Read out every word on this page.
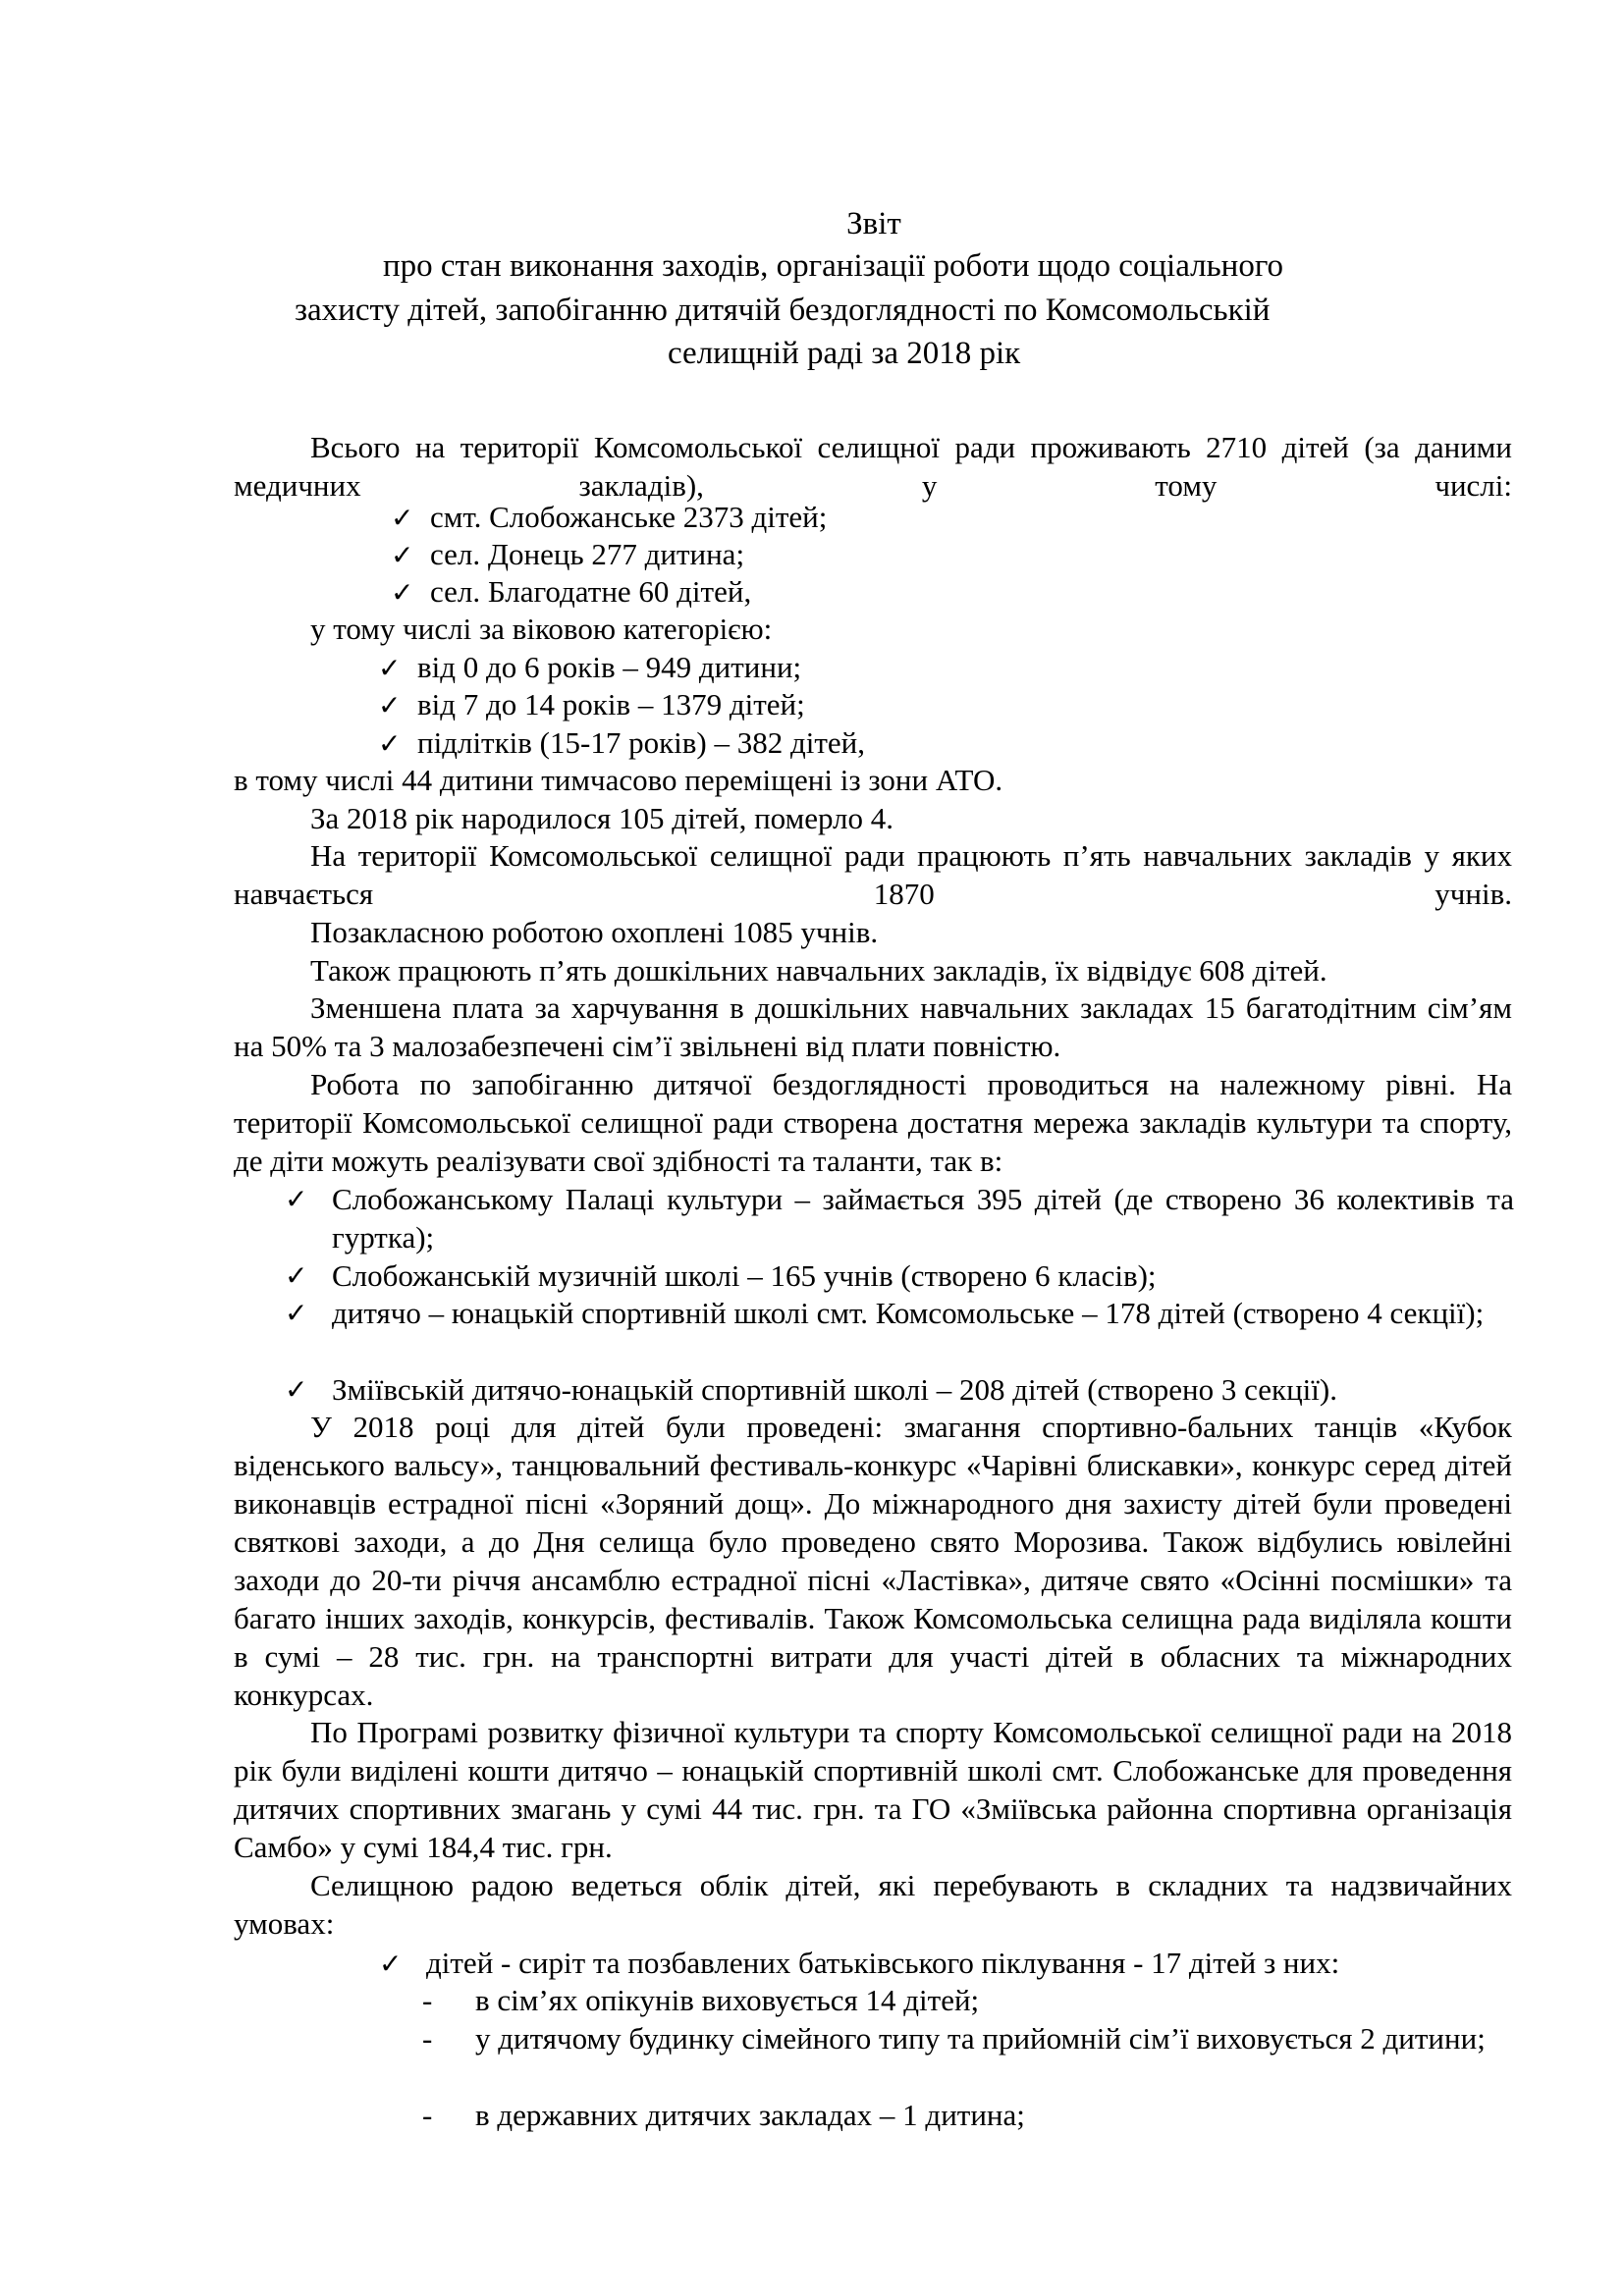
Звіт
про стан виконання заходів, організації роботи щодо соціального
захисту дітей, запобіганню дитячій бездоглядності по Комсомольській
селищній раді за 2018 рік
Всього на території Комсомольської селищної ради проживають 2710 дітей (за даними медичних закладів), у тому числі:
✓ смт. Слобожанське 2373 дітей;
✓ сел. Донець 277 дитина;
✓ сел. Благодатне 60 дітей,
у тому числі за віковою категорією:
✓ від 0 до 6 років – 949 дитини;
✓ від 7 до 14 років – 1379 дітей;
✓ підлітків (15-17 років) – 382 дітей,
в тому числі 44 дитини тимчасово переміщені із зони АТО.
За 2018 рік народилося 105 дітей, померло 4.
На території Комсомольської селищної ради працюють п’ять навчальних закладів у яких навчається 1870 учнів.
Позакласною роботою охоплені 1085 учнів.
Також працюють п’ять дошкільних навчальних закладів, їх відвідує 608 дітей.
Зменшена плата за харчування в дошкільних навчальних закладах 15 багатодітним сім’ям на 50% та 3 малозабезпечені сім’ї звільнені від плати повністю.
Робота по запобіганню дитячої бездоглядності проводиться на належному рівні. На території Комсомольської селищної ради створена достатня мережа закладів культури та спорту, де діти можуть реалізувати свої здібності та таланти, так в:
✓ Слобожанському Палаці культури – займається 395 дітей (де створено 36 колективів та гуртка);
✓ Слобожанській музичній школі – 165 учнів (створено 6 класів);
✓ дитячо – юнацькій спортивній школі смт. Комсомольське – 178 дітей (створено 4 секції);
✓ Зміївській дитячо-юнацькій спортивній школі – 208 дітей (створено 3 секції).
У 2018 році для дітей були проведені: змагання спортивно-бальних танців «Кубок віденського вальсу», танцювальний фестиваль-конкурс «Чарівні блискавки», конкурс серед дітей виконавців естрадної пісні «Зоряний дощ». До міжнародного дня захисту дітей були проведені святкові заходи, а до Дня селища було проведено свято Морозива. Також відбулись ювілейні заходи до 20-ти річчя ансамблю естрадної пісні «Ластівка», дитяче свято «Осінні посмішки» та багато інших заходів, конкурсів, фестивалів. Також Комсомольська селищна рада виділяла кошти в сумі – 28 тис. грн. на транспортні витрати для участі дітей в обласних та міжнародних конкурсах.
По Програмі розвитку фізичної культури та спорту Комсомольської селищної ради на 2018 рік були виділені кошти дитячо – юнацькій спортивній школі смт. Слобожанське для проведення дитячих спортивних змагань у сумі 44 тис. грн. та ГО «Зміївська районна спортивна організація Самбо» у сумі 184,4 тис. грн.
Селищною радою ведеться облік дітей, які перебувають в складних та надзвичайних умовах:
✓ дітей - сиріт та позбавлених батьківського піклування - 17 дітей з них:
-	в сім’ях опікунів виховується 14 дітей;
-	у дитячому будинку сімейного типу та прийомній сім’ї виховується 2 дитини;
-	в державних дитячих закладах – 1 дитина;
